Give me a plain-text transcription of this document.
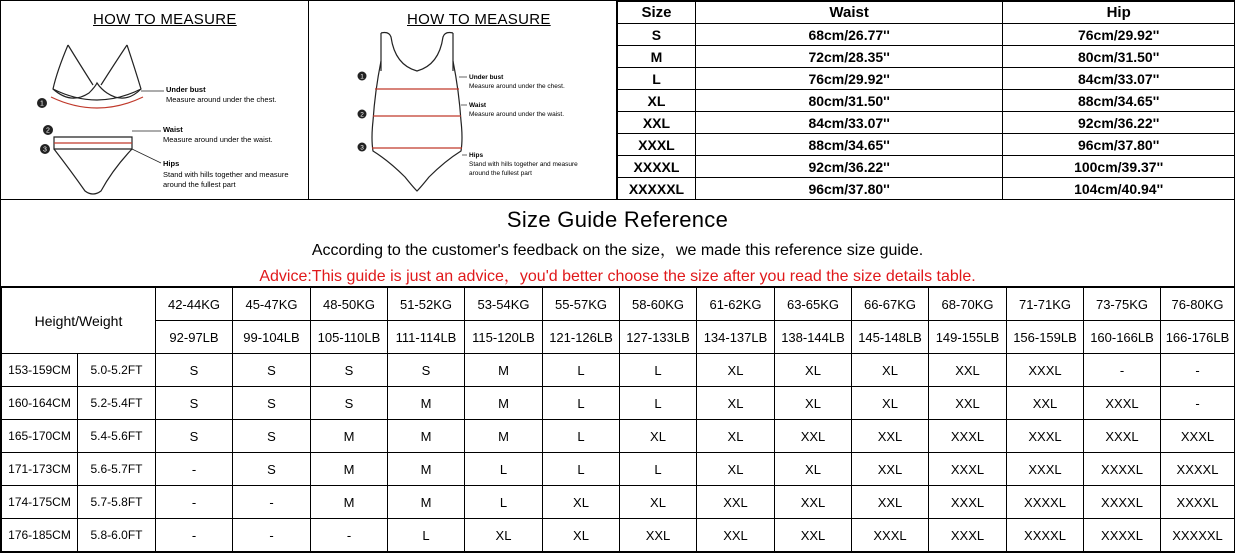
HOW TO MEASURE
1
2
3
Under bust
Measure around under the chest.
Waist
Measure around under the waist.
Hips
Stand with hills together and measure
around the fullest part
HOW TO MEASURE
1
2
3
Under bust
Measure around under the chest.
Waist
Measure around under the waist.
Hips
Stand with hills together and measure
around the fullest part
Size	Waist	Hip
S	68cm/26.77''	76cm/29.92''
M	72cm/28.35''	80cm/31.50''
L	76cm/29.92''	84cm/33.07''
XL	80cm/31.50''	88cm/34.65''
XXL	84cm/33.07''	92cm/36.22''
XXXL	88cm/34.65''	96cm/37.80''
XXXXL	92cm/36.22''	100cm/39.37''
XXXXXL	96cm/37.80''	104cm/40.94''
Size Guide Reference
According to the customer's feedback on the size，we made this reference size guide.
Advice:This guide is just an advice，you'd better choose the size after you read the size details table.
Height/Weight		42-44KG	45-47KG	48-50KG	51-52KG	53-54KG	55-57KG	58-60KG	61-62KG	63-65KG	66-67KG	68-70KG	71-71KG	73-75KG	76-80KG
		92-97LB	99-104LB	105-110LB	111-114LB	115-120LB	121-126LB	127-133LB	134-137LB	138-144LB	145-148LB	149-155LB	156-159LB	160-166LB	166-176LB
153-159CM	5.0-5.2FT	S	S	S	S	M	L	L	XL	XL	XL	XXL	XXXL	-	-
160-164CM	5.2-5.4FT	S	S	S	M	M	L	L	XL	XL	XL	XXL	XXL	XXXL	-
165-170CM	5.4-5.6FT	S	S	M	M	M	L	XL	XL	XXL	XXL	XXXL	XXXL	XXXL	XXXL
171-173CM	5.6-5.7FT	-	S	M	M	L	L	L	XL	XL	XXL	XXXL	XXXL	XXXXL	XXXXL
174-175CM	5.7-5.8FT	-	-	M	M	L	XL	XL	XXL	XXL	XXL	XXXL	XXXXL	XXXXL	XXXXL
176-185CM	5.8-6.0FT	-	-	-	L	XL	XL	XXL	XXL	XXL	XXXL	XXXL	XXXXL	XXXXL	XXXXXL
